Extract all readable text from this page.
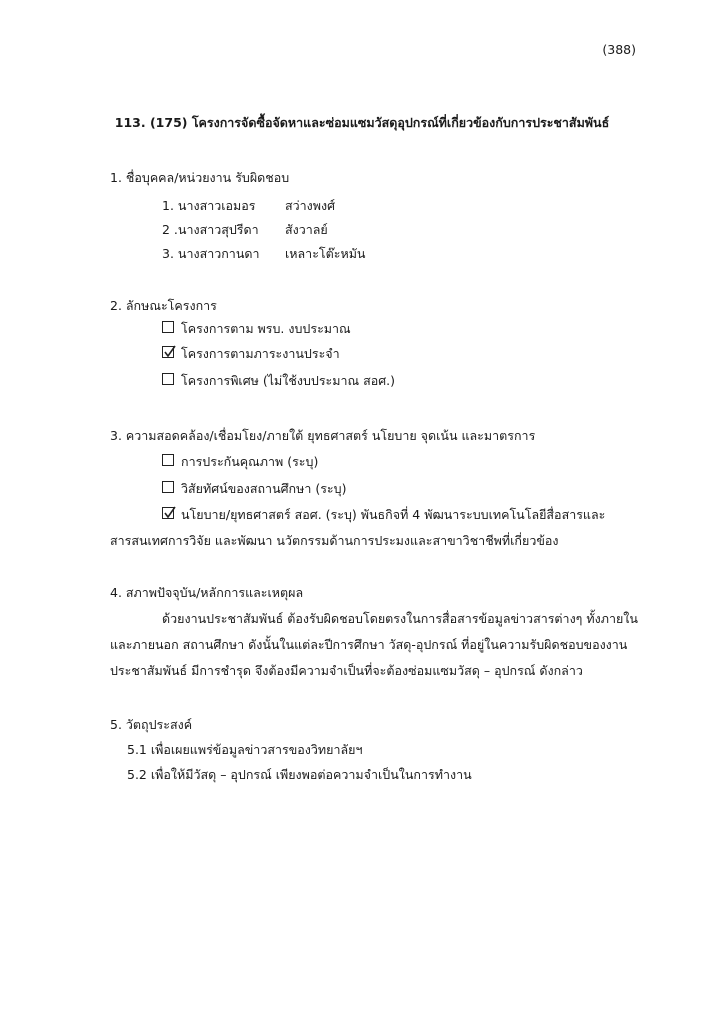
(388)
113. (175) โครงการจัดซื้อจัดหาและซ่อมแซมวัสดุอุปกรณ์ที่เกี่ยวข้องกับการประชาสัมพันธ์
1. ชื่อบุคคล/หน่วยงาน รับผิดชอบ
1. นางสาวเอมอร สว่างพงศ์
2 .นางสาวสุปรีดา สังวาลย์
3. นางสาวกานดา เหลาะโต๊ะหมัน
2. ลักษณะโครงการ
โครงการตาม พรบ. งบประมาณ
โครงการตามภาระงานประจำ
โครงการพิเศษ (ไม่ใช้งบประมาณ สอศ.)
3. ความสอดคล้อง/เชื่อมโยง/ภายใต้ ยุทธศาสตร์ นโยบาย จุดเน้น และมาตรการ
การประกันคุณภาพ (ระบุ)
วิสัยทัศน์ของสถานศึกษา (ระบุ)
นโยบาย/ยุทธศาสตร์ สอศ. (ระบุ) พันธกิจที่ 4 พัฒนาระบบเทคโนโลยีสื่อสารและ
สารสนเทศการวิจัย และพัฒนา นวัตกรรมด้านการประมงและสาขาวิชาชีพที่เกี่ยวข้อง
4. สภาพปัจจุบัน/หลักการและเหตุผล
ด้วยงานประชาสัมพันธ์ ต้องรับผิดชอบโดยตรงในการสื่อสารข้อมูลข่าวสารต่างๆ ทั้งภายใน
และภายนอก สถานศึกษา ดังนั้นในแต่ละปีการศึกษา วัสดุ-อุปกรณ์ ที่อยู่ในความรับผิดชอบของงาน
ประชาสัมพันธ์ มีการชำรุด จึงต้องมีความจำเป็นที่จะต้องซ่อมแซมวัสดุ – อุปกรณ์ ดังกล่าว
5. วัตถุประสงค์
5.1 เพื่อเผยแพร่ข้อมูลข่าวสารของวิทยาลัยฯ
5.2 เพื่อให้มีวัสดุ – อุปกรณ์ เพียงพอต่อความจำเป็นในการทำงาน
